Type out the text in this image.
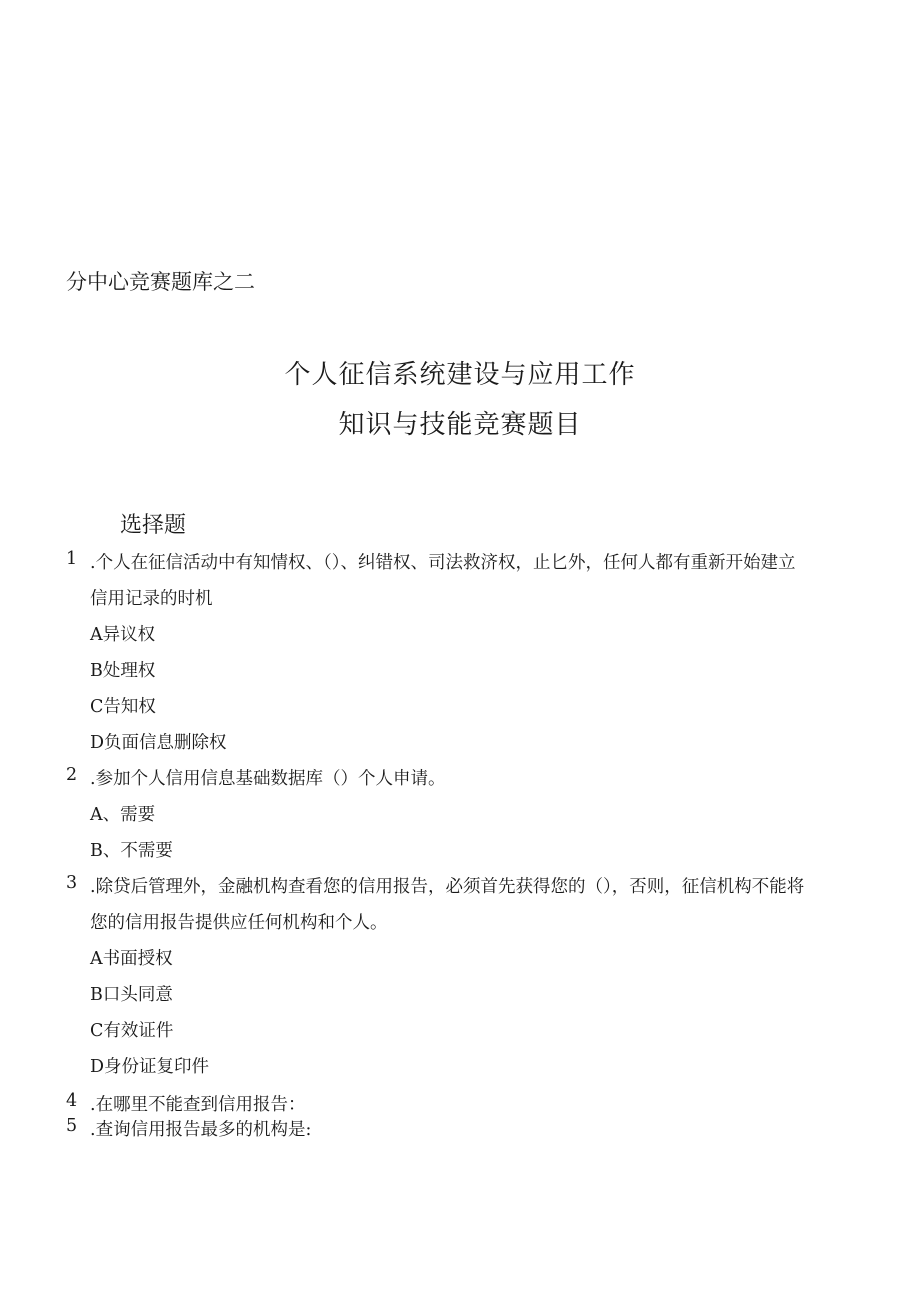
分中心竞赛题库之二
个人征信系统建设与应用工作
知识与技能竞赛题目
选择题
1 .个人在征信活动中有知情权、（）、纠错权、司法救济权，止匕外，任何人都有重新开始建立
信用记录的时机
A异议权
B处理权
C告知权
D负面信息删除权
2 .参加个人信用信息基础数据库（）个人申请。
A、需要
B、不需要
3 .除贷后管理外，金融机构查看您的信用报告，必须首先获得您的（），否则，征信机构不能将
您的信用报告提供应任何机构和个人。
A书面授权
B口头同意
C有效证件
D身份证复印件
4 .在哪里不能查到信用报告：
5 .查询信用报告最多的机构是:
